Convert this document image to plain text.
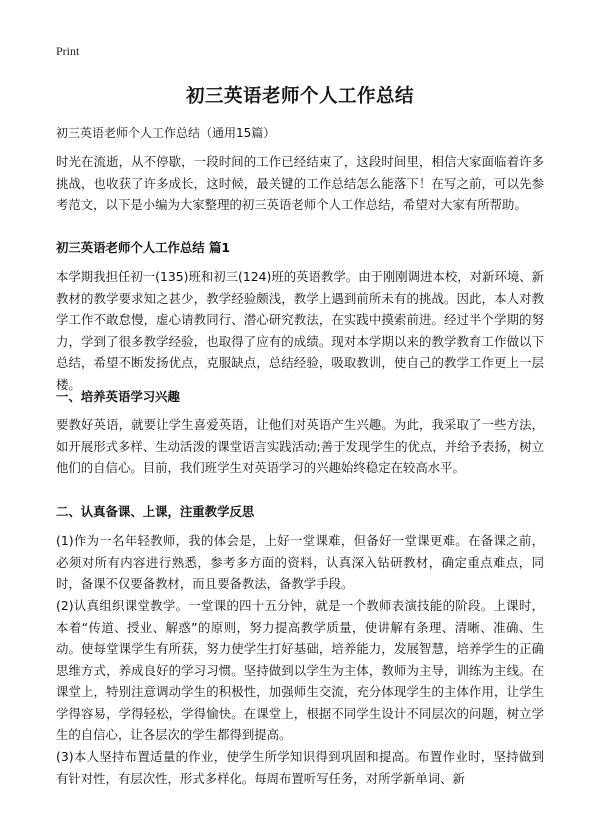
Print
初三英语老师个人工作总结
初三英语老师个人工作总结（通用15篇）

时光在流逝，从不停歇，一段时间的工作已经结束了，这段时间里，相信大家面临着许多挑战，也收获了许多成长，这时候，最关键的工作总结怎么能落下！在写之前，可以先参考范文，以下是小编为大家整理的初三英语老师个人工作总结，希望对大家有所帮助。

初三英语老师个人工作总结 篇1

本学期我担任初一(135)班和初三(124)班的英语教学。由于刚刚调进本校，对新环境、新教材的教学要求知之甚少，教学经验颇浅，教学上遇到前所未有的挑战。因此，本人对教学工作不敢怠慢，虚心请教同行、潜心研究教法，在实践中摸索前进。经过半个学期的努力，学到了很多教学经验，也取得了应有的成绩。现对本学期以来的教学教育工作做以下总结，希望不断发扬优点，克服缺点，总结经验，吸取教训，使自己的教学工作更上一层楼。

一、培养英语学习兴趣

要教好英语，就要让学生喜爱英语，让他们对英语产生兴趣。为此，我采取了一些方法，如开展形式多样、生动活泼的课堂语言实践活动;善于发现学生的优点，并给予表扬，树立他们的自信心。目前，我们班学生对英语学习的兴趣始终稳定在较高水平。

二、认真备课、上课，注重教学反思

(1)作为一名年轻教师，我的体会是，上好一堂课难，但备好一堂课更难。在备课之前，必须对所有内容进行熟悉，参考多方面的资料，认真深入钻研教材，确定重点难点，同时，备课不仅要备教材，而且要备教法，备教学手段。

(2)认真组织课堂教学。一堂课的四十五分钟，就是一个教师表演技能的阶段。上课时，本着“传道、授业、解惑”的原则，努力提高教学质量，使讲解有条理、清晰、准确、生动。使每堂课学生有所获，努力使学生打好基础，培养能力，发展智慧，培养学生的正确思维方式，养成良好的学习习惯。坚持做到以学生为主体，教师为主导，训练为主线。在课堂上，特别注意调动学生的积极性，加强师生交流，充分体现学生的主体作用，让学生学得容易，学得轻松，学得愉快。在课堂上，根据不同学生设计不同层次的问题，树立学生的自信心，让各层次的学生都得到提高。

(3)本人坚持布置适量的作业，使学生所学知识得到巩固和提高。布置作业时，坚持做到有针对性，有层次性，形式多样化。每周布置听写任务，对所学新单词、新
